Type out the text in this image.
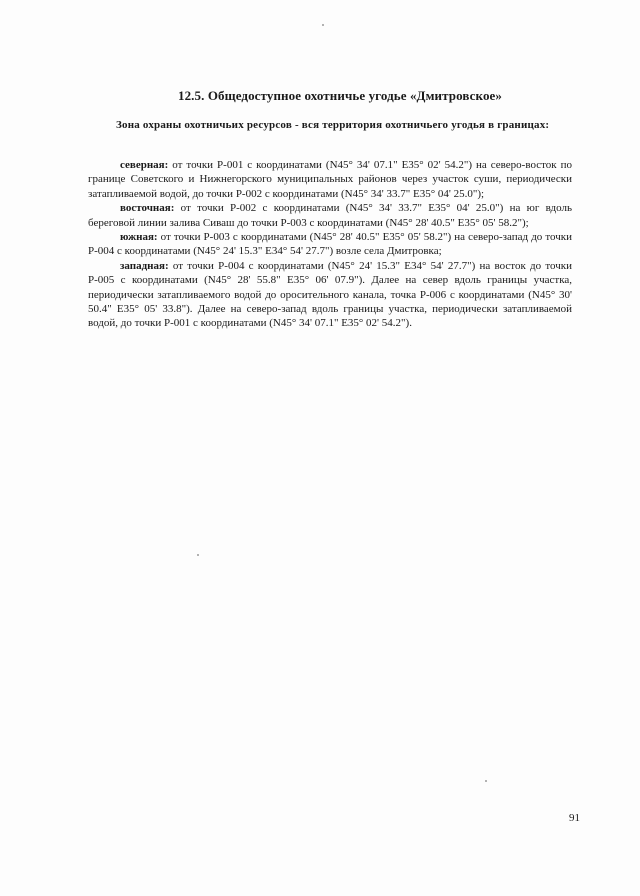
12.5. Общедоступное охотничье угодье «Дмитровское»
Зона охраны охотничьих ресурсов - вся территория охотничьего угодья в границах:

северная: от точки Р-001 с координатами (N45° 34' 07.1" E35° 02' 54.2") на северо-восток по границе Советского и Нижнегорского муниципальных районов через участок суши, периодически затапливаемой водой, до точки Р-002 с координатами (N45° 34' 33.7" E35° 04' 25.0");

восточная: от точки Р-002 с координатами (N45° 34' 33.7" E35° 04' 25.0") на юг вдоль береговой линии залива Сиваш до точки Р-003 с координатами (N45° 28' 40.5" E35° 05' 58.2");

южная: от точки Р-003 с координатами (N45° 28' 40.5" E35° 05' 58.2") на северо-запад до точки Р-004 с координатами (N45° 24' 15.3" E34° 54' 27.7") возле села Дмитровка;

западная: от точки Р-004 с координатами (N45° 24' 15.3" E34° 54' 27.7") на восток до точки Р-005 с координатами (N45° 28' 55.8" E35° 06' 07.9"). Далее на север вдоль границы участка, периодически затапливаемого водой до оросительного канала, точка Р-006 с координатами (N45° 30' 50.4" E35° 05' 33.8"). Далее на северо-запад вдоль границы участка, периодически затапливаемой водой, до точки Р-001 с координатами (N45° 34' 07.1" E35° 02' 54.2").

91
